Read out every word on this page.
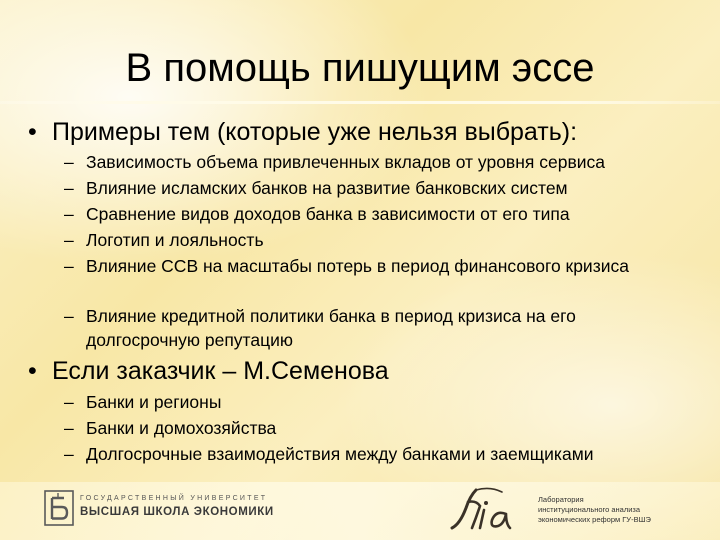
В помощь пишущим эссе
• Примеры тем (которые уже нельзя выбрать):
– Зависимость объема привлеченных вкладов от уровня сервиса
– Влияние исламских банков на развитие банковских систем
– Сравнение видов доходов банка в зависимости от его типа
– Логотип и лояльность
– Влияние ССВ на масштабы потерь в период финансового кризиса
– Влияние кредитной политики банка в период кризиса на его долгосрочную репутацию
• Если заказчик – М.Семенова
– Банки и регионы
– Банки и домохозяйства
– Долгосрочные взаимодействия между банками и заемщиками
ГОСУДАРСТВЕННЫЙ УНИВЕРСИТЕТ
ВЫСШАЯ ШКОЛА ЭКОНОМИКИ
Лаборатория
институционального анализа
экономических реформ ГУ-ВШЭ
